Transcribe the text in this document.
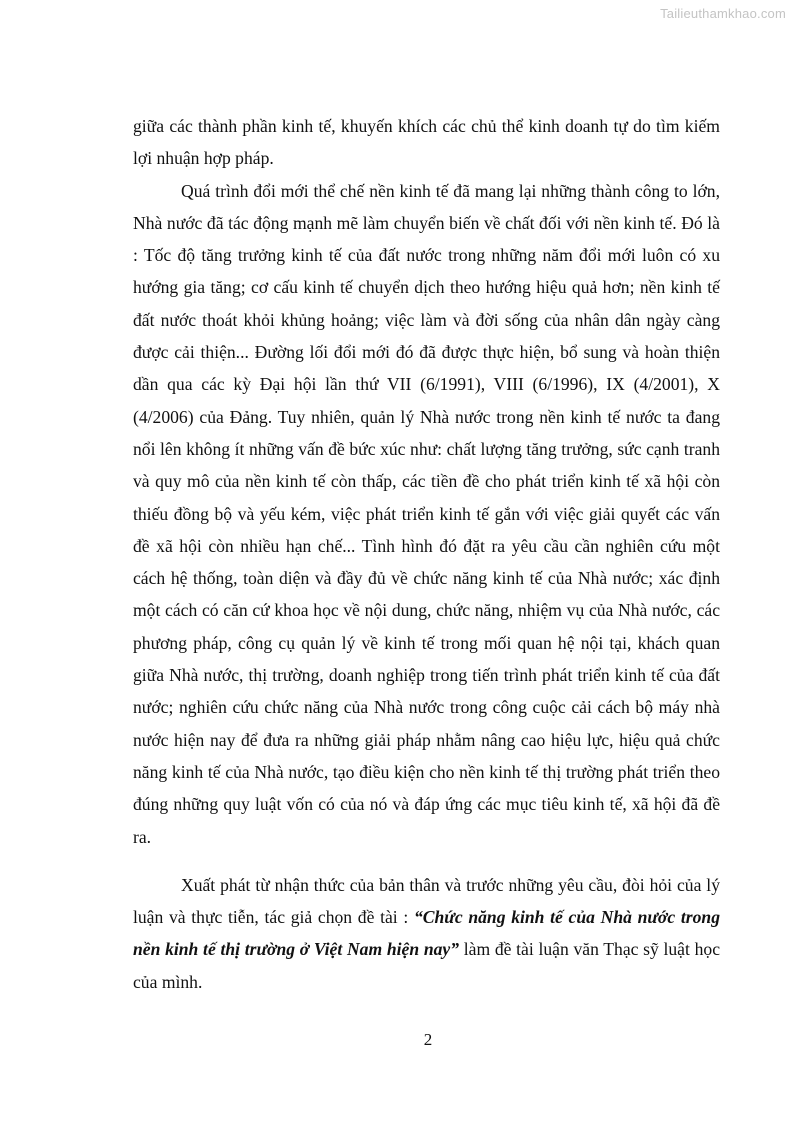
Tailieuthamkhao.com

giữa các thành phần kinh tế, khuyến khích các chủ thể kinh doanh tự do tìm kiếm lợi nhuận hợp pháp.

Quá trình đổi mới thể chế nền kinh tế đã mang lại những thành công to lớn, Nhà nước đã tác động mạnh mẽ làm chuyển biến về chất đối với nền kinh tế. Đó là : Tốc độ tăng trưởng kinh tế của đất nước trong những năm đổi mới luôn có xu hướng gia tăng; cơ cấu kinh tế chuyển dịch theo hướng hiệu quả hơn; nền kinh tế đất nước thoát khỏi khủng hoảng; việc làm và đời sống của nhân dân ngày càng được cải thiện... Đường lối đổi mới đó đã được thực hiện, bổ sung và hoàn thiện dần qua các kỳ Đại hội lần thứ VII (6/1991), VIII (6/1996), IX (4/2001), X (4/2006) của Đảng. Tuy nhiên, quản lý Nhà nước trong nền kinh tế nước ta đang nổi lên không ít những vấn đề bức xúc như: chất lượng tăng trưởng, sức cạnh tranh và quy mô của nền kinh tế còn thấp, các tiền đề cho phát triển kinh tế xã hội còn thiếu đồng bộ và yếu kém, việc phát triển kinh tế gắn với việc giải quyết các vấn đề xã hội còn nhiều hạn chế... Tình hình đó đặt ra yêu cầu cần nghiên cứu một cách hệ thống, toàn diện và đầy đủ về chức năng kinh tế của Nhà nước; xác định một cách có căn cứ khoa học về nội dung, chức năng, nhiệm vụ của Nhà nước, các phương pháp, công cụ quản lý về kinh tế trong mối quan hệ nội tại, khách quan giữa Nhà nước, thị trường, doanh nghiệp trong tiến trình phát triển kinh tế của đất nước; nghiên cứu chức năng của Nhà nước trong công cuộc cải cách bộ máy nhà nước hiện nay để đưa ra những giải pháp nhằm nâng cao hiệu lực, hiệu quả chức năng kinh tế của Nhà nước, tạo điều kiện cho nền kinh tế thị trường phát triển theo đúng những quy luật vốn có của nó và đáp ứng các mục tiêu kinh tế, xã hội đã đề ra.

Xuất phát từ nhận thức của bản thân và trước những yêu cầu, đòi hỏi của lý luận và thực tiễn, tác giả chọn đề tài : “Chức năng kinh tế của Nhà nước trong nền kinh tế thị trường ở Việt Nam hiện nay” làm đề tài luận văn Thạc sỹ luật học của mình.

2
